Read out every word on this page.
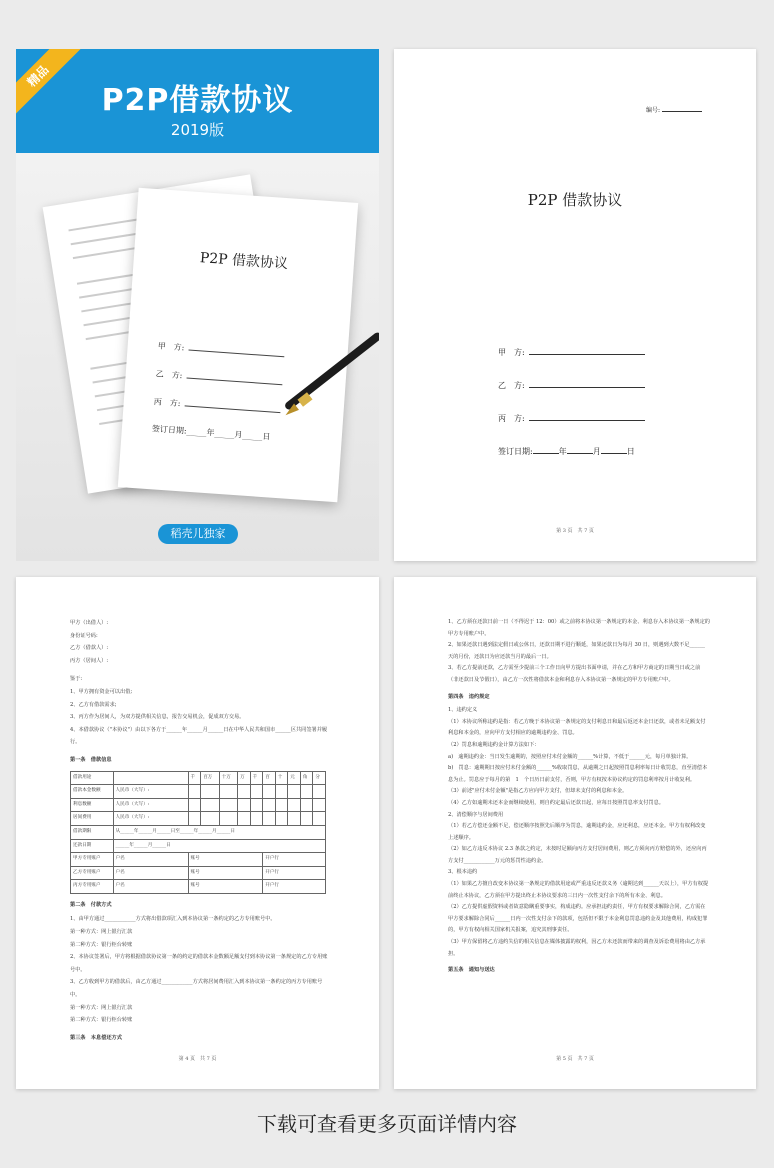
精品
P2P借款协议
2019版
P2P 借款协议
甲　方:
乙　方:
丙　方:
签订日期:_____年_____月_____日
稻壳儿独家
编号:
P2P 借款协议
甲　方:
乙　方:
丙　方:
签订日期:	年	月	日
第 3 页　共 7 页

甲方（出借人）:

身份证号码:

乙方（借款人）:

丙方（居间人）:

鉴于:

1、甲方拥有资金可以出借;

2、乙方有借款需求;

3、丙方作为居间人，为双方提供相关信息，报告交易机会，促成双方交易。

4、本借款协议（"本协议"）由以下各方于______年______月______日在中华人民共和国市______区共同签署并履行。

第一条　借款信息

借款用途		千	百万	十万	万	千	百	十	元	角	分
借款本金数额	人民币（大写）:										
利息数额	人民币（大写）:										
居间费用	人民币（大写）:										
借款期限	从______年______月______日至______年______月______日										
还款日期	______年______月______日										
甲方专用账户	户名	账号					开户行				
乙方专用账户	户名	账号					开户行				
丙方专用账户	户名	账号					开户行				

第二条　付款方式

1、由甲方通过____________方式将出借款项汇入到本协议第一条约定的乙方专用账号中。

第一种方式：网上银行汇款

第二种方式：银行柜台转账

2、本协议签署后，甲方将根据借款协议第一条的约定的借款本金数额足额支付到本协议第一条规定的乙方专用账号中。

3、乙方收到甲方的借款后，由乙方通过____________方式将居间费用汇入到本协议第一条约定的丙方专用账号中。

第一种方式：网上银行汇款

第二种方式：银行柜台转账

第三条　本息偿还方式

第 4 页　共 7 页

1、乙方须在还款日前一日（不得迟于 12：00）或之前将本协议第一条规定的本金、利息存入本协议第一条规定的甲方专用账户中。

2、如果还款日遇到法定假日或公休日，还款日期不进行顺延，如果还款日为每月 30 日，则遇到大数不足______天的月份，还款日为应还款当月的最后一日。

3、若乙方提前还款，乙方需至少提前三个工作日向甲方提出书面申请，并在乙方和甲方商定的日期当日或之前（非还款日及节假日），由乙方一次性将借款本金和利息存入本协议第一条规定的甲方专用账户中。

第四条　违约规定

1、违约定义

（1）本协议所称违约是指：若乙方晚于本协议第一条规定的支付利息日和最后返还本金日还款，或者未足额支付利息和本金的，应向甲方支付相应的逾期违约金、罚息。

（2）罚息和逾期违约金计算方法如下：

a)　逾期违约金：当日发生逾期的，按照应付未付金额的______%计算，不低于______元，每月单独计算。

b)　罚息：逾期期日按应付未付金额的______%收取罚息，从逾期之日起按照罚息利率每日计收罚息，直至清偿本息为止。罚息应于每月的第　1　个日历日前支付，否则，甲方有权按本协议约定的罚息利率按月计收复利。

（3）前述"应付未付金额"是指乙方应向甲方支付，但却未支付的利息和本金。

（4）乙方如逾期未还本金而继续使用，则自约定最后还款日起，应每日按照罚息率支付罚息。

2、清偿顺序与居间费用

（1）若乙方偿还金额不足，偿还顺序按照先后顺序为罚息，逾期违约金，应还利息，应还本金。甲方有权利改变上述顺序。

（2）如乙方违反本协议 2.3 条款之约定，未按时足额向丙方支付居间费用，则乙方须向丙方赔偿的外，还应向丙方支付____________万元的惩罚性违约金。

3、根本违约

（1）如果乙方擅自改变本协议第一条规定的借款用途或严重违反还款义务（逾期达到______天以上），甲方有权提前终止本协议，乙方须在甲方提出终止本协议要求的三日内一次性支付余下的所有本金、利息。

（2）乙方提供虚假资料或者故意隐瞒重要事实，构成违约。应承担违约责任，甲方有权要求解除合同，乙方需在甲方要求解除合同后______日内一次性支付余下的款项，包括但不限于本金利息罚息违约金及其他费用，构成犯罪的，甲方有权向相关国家机关报案，追究其刑事责任。

（3）甲方保留将乙方违约失信的相关信息在媒体披露的权利，因乙方未还款而带来的调查及诉讼费用将由乙方承担。

第五条　通知与送达

第 5 页　共 7 页
下载可查看更多页面详情内容
